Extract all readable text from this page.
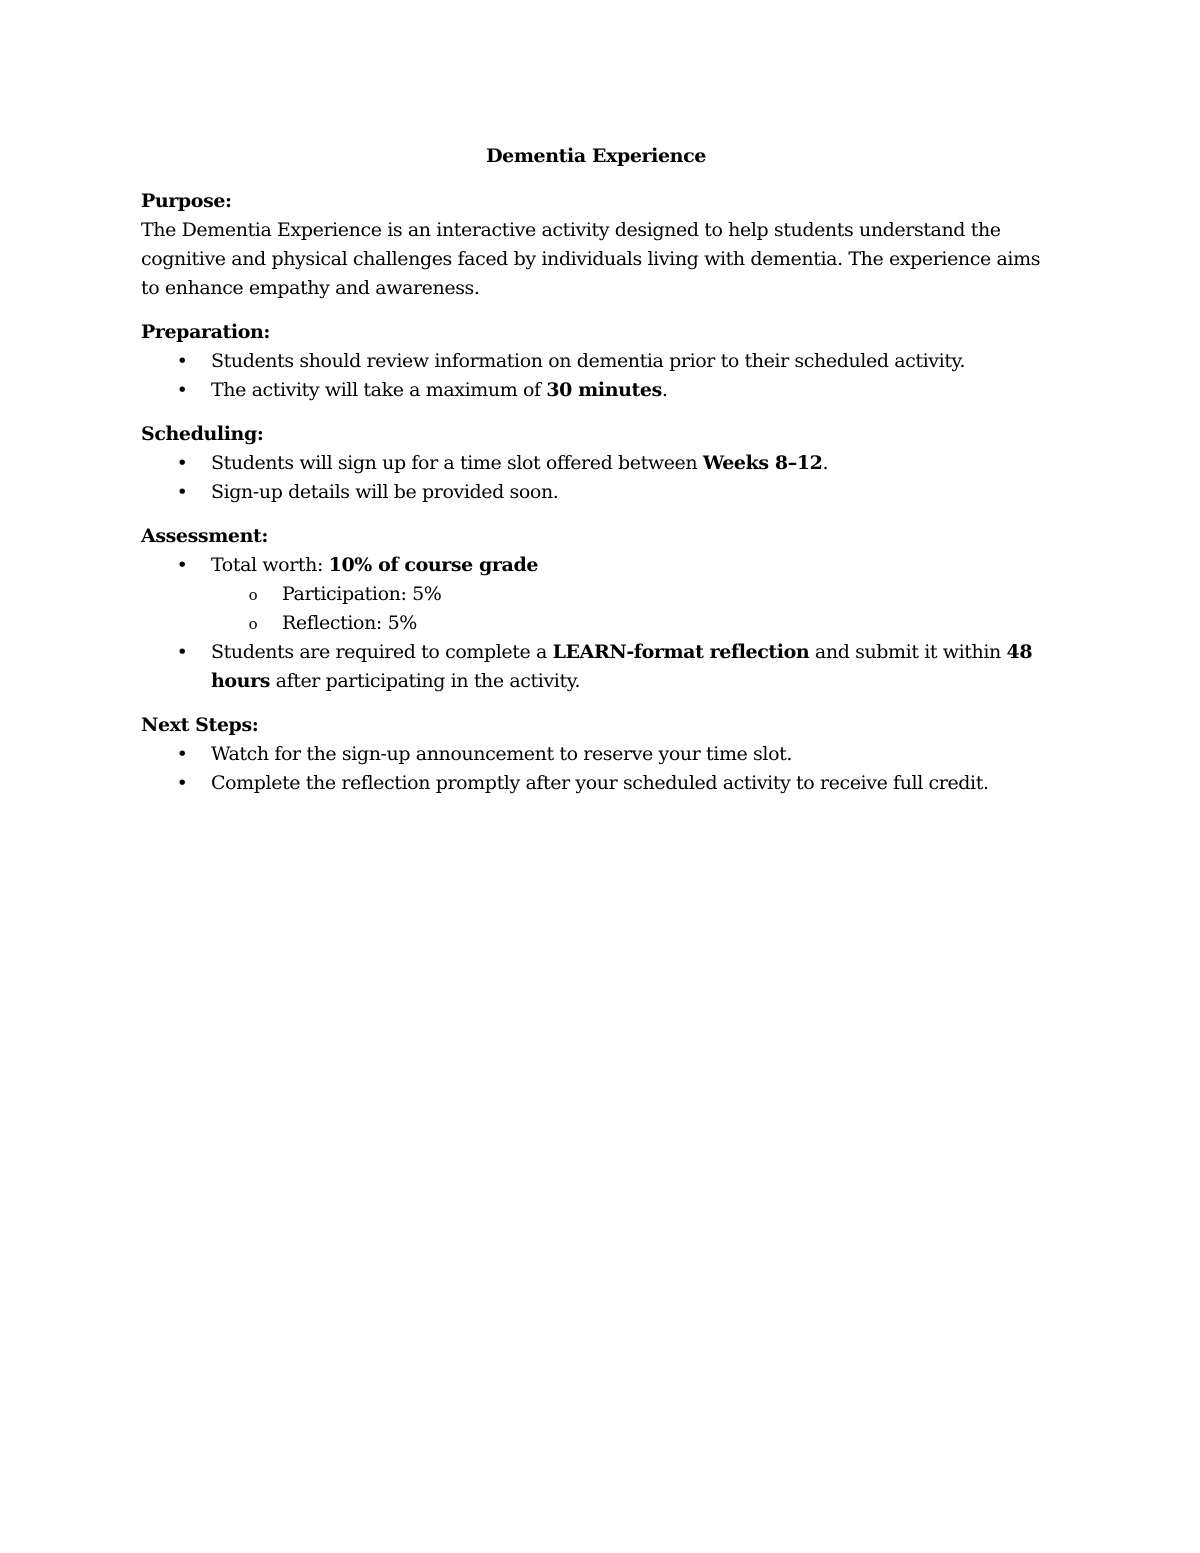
Dementia Experience
Purpose:
The Dementia Experience is an interactive activity designed to help students understand the cognitive and physical challenges faced by individuals living with dementia. The experience aims to enhance empathy and awareness.
Preparation:
• Students should review information on dementia prior to their scheduled activity.
• The activity will take a maximum of 30 minutes.
Scheduling:
• Students will sign up for a time slot offered between Weeks 8–12.
• Sign-up details will be provided soon.
Assessment:
• Total worth: 10% of course grade
o Participation: 5%
o Reflection: 5%
• Students are required to complete a LEARN-format reflection and submit it within 48 hours after participating in the activity.
Next Steps:
• Watch for the sign-up announcement to reserve your time slot.
• Complete the reflection promptly after your scheduled activity to receive full credit.
